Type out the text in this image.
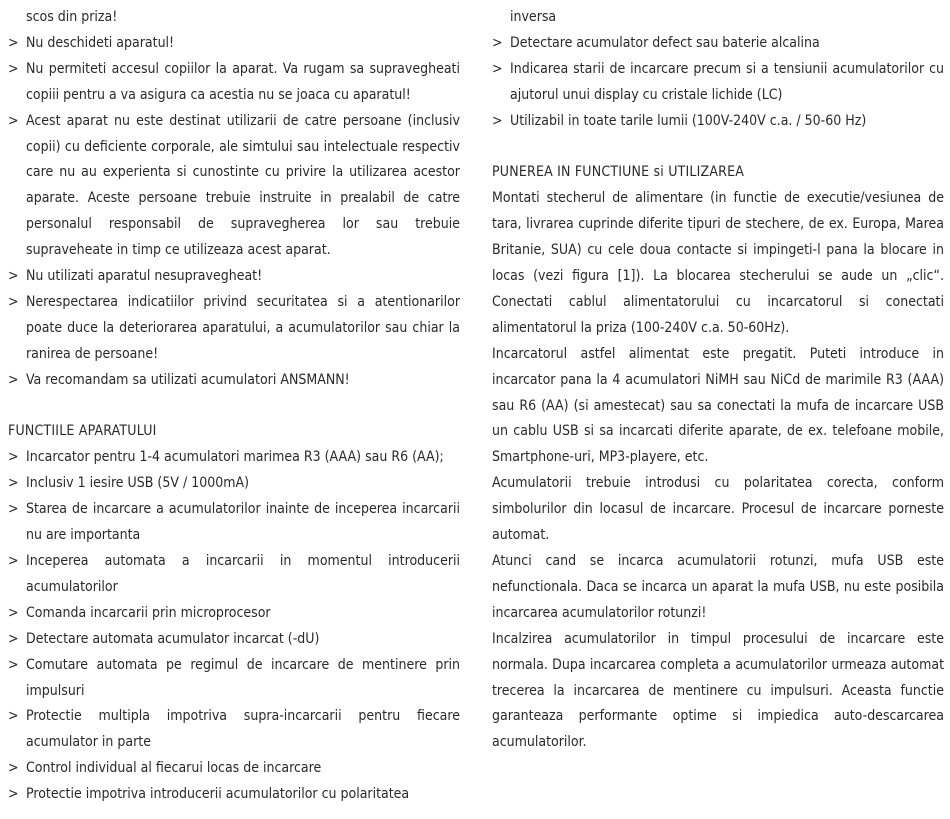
scos din priza!
> Nu deschideti aparatul!
> Nu permiteti accesul copiilor la aparat. Va rugam sa supravegheati copiii pentru a va asigura ca acestia nu se joaca cu aparatul!
> Acest aparat nu este destinat utilizarii de catre persoane (inclusiv copii) cu deficiente corporale, ale simtului sau intelectuale respectiv care nu au experienta si cunostinte cu privire la utilizarea acestor aparate. Aceste persoane trebuie instruite in prealabil de catre personalul responsabil de supravegherea lor sau trebuie supraveheate in timp ce utilizeaza acest aparat.
> Nu utilizati aparatul nesupravegheat!
> Nerespectarea indicatiilor privind securitatea si a atentionarilor poate duce la deteriorarea aparatului, a acumulatorilor sau chiar la ranirea de persoane!
> Va recomandam sa utilizati acumulatori ANSMANN!
FUNCTIILE APARATULUI
> Incarcator pentru 1-4 acumulatori marimea R3 (AAA) sau R6 (AA);
> Inclusiv 1 iesire USB (5V / 1000mA)
> Starea de incarcare a acumulatorilor inainte de inceperea incarcarii nu are importanta
> Inceperea automata a incarcarii in momentul introducerii acumulatorilor
> Comanda incarcarii prin microprocesor
> Detectare automata acumulator incarcat (-dU)
> Comutare automata pe regimul de incarcare de mentinere prin impulsuri
> Protectie multipla impotriva supra-incarcarii pentru fiecare acumulator in parte
> Control individual al fiecarui locas de incarcare
> Protectie impotriva introducerii acumulatorilor cu polaritatea
inversa
> Detectare acumulator defect sau baterie alcalina
> Indicarea starii de incarcare precum si a tensiunii acumulatorilor cu ajutorul unui display cu cristale lichide (LC)
> Utilizabil in toate tarile lumii (100V-240V c.a. / 50-60 Hz)
PUNEREA IN FUNCTIUNE si UTILIZAREA
Montati stecherul de alimentare (in functie de executie/vesiunea de tara, livrarea cuprinde diferite tipuri de stechere, de ex. Europa, Marea Britanie, SUA) cu cele doua contacte si impingeti-l pana la blocare in locas (vezi figura [1]). La blocarea stecherului se aude un „clic“. Conectati cablul alimentatorului cu incarcatorul si conectati alimentatorul la priza (100-240V c.a. 50-60Hz).
Incarcatorul astfel alimentat este pregatit. Puteti introduce in incarcator pana la 4 acumulatori NiMH sau NiCd de marimile R3 (AAA) sau R6 (AA) (si amestecat) sau sa conectati la mufa de incarcare USB un cablu USB si sa incarcati diferite aparate, de ex. telefoane mobile, Smartphone-uri, MP3-playere, etc.
Acumulatorii trebuie introdusi cu polaritatea corecta, conform simbolurilor din locasul de incarcare. Procesul de incarcare porneste automat.
Atunci cand se incarca acumulatorii rotunzi, mufa USB este nefunctionala. Daca se incarca un aparat la mufa USB, nu este posibila incarcarea acumulatorilor rotunzi!
Incalzirea acumulatorilor in timpul procesului de incarcare este normala. Dupa incarcarea completa a acumulatorilor urmeaza automat trecerea la incarcarea de mentinere cu impulsuri. Aceasta functie garanteaza performante optime si impiedica auto-descarcarea acumulatorilor.
